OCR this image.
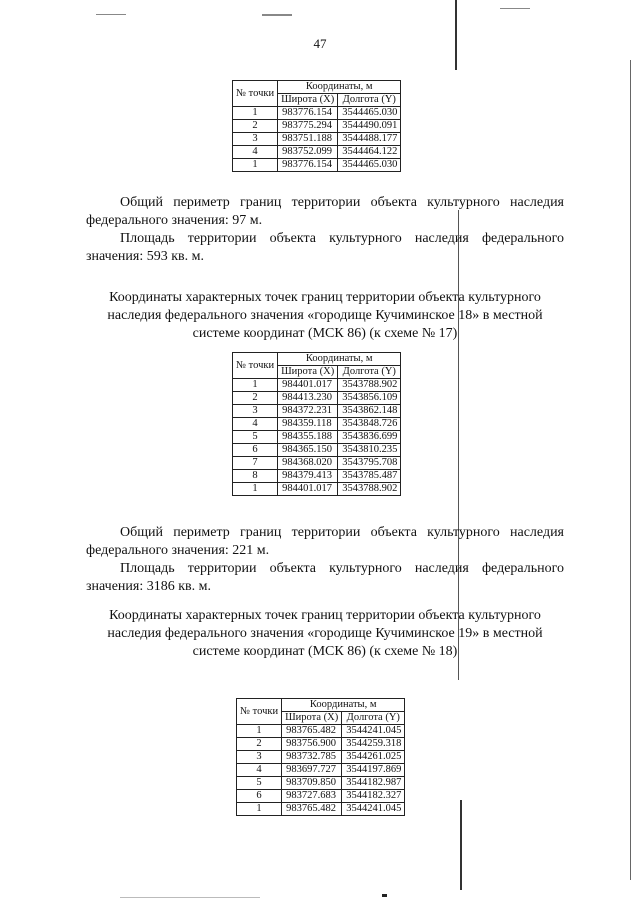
47
№ точки	Координаты, м	
	Широта (X)	Долгота (Y)
1	983776.154	3544465.030
2	983775.294	3544490.091
3	983751.188	3544488.177
4	983752.099	3544464.122
1	983776.154	3544465.030
Общий периметр границ территории объекта культурного наследия федерального значения: 97 м.
Площадь территории объекта культурного наследия федерального значения: 593 кв. м.
Координаты характерных точек границ территории объекта культурного наследия федерального значения «городище Кучиминское 18» в местной системе координат (МСК 86) (к схеме № 17)
№ точки	Координаты, м	
	Широта (X)	Долгота (Y)
1	984401.017	3543788.902
2	984413.230	3543856.109
3	984372.231	3543862.148
4	984359.118	3543848.726
5	984355.188	3543836.699
6	984365.150	3543810.235
7	984368.020	3543795.708
8	984379.413	3543785.487
1	984401.017	3543788.902
Общий периметр границ территории объекта культурного наследия федерального значения: 221 м.
Площадь территории объекта культурного наследия федерального значения: 3186 кв. м.
Координаты характерных точек границ территории объекта культурного наследия федерального значения «городище Кучиминское 19» в местной системе координат (МСК 86) (к схеме № 18)
№ точки	Координаты, м	
	Широта (X)	Долгота (Y)
1	983765.482	3544241.045
2	983756.900	3544259.318
3	983732.785	3544261.025
4	983697.727	3544197.869
5	983709.850	3544182.987
6	983727.683	3544182.327
1	983765.482	3544241.045
